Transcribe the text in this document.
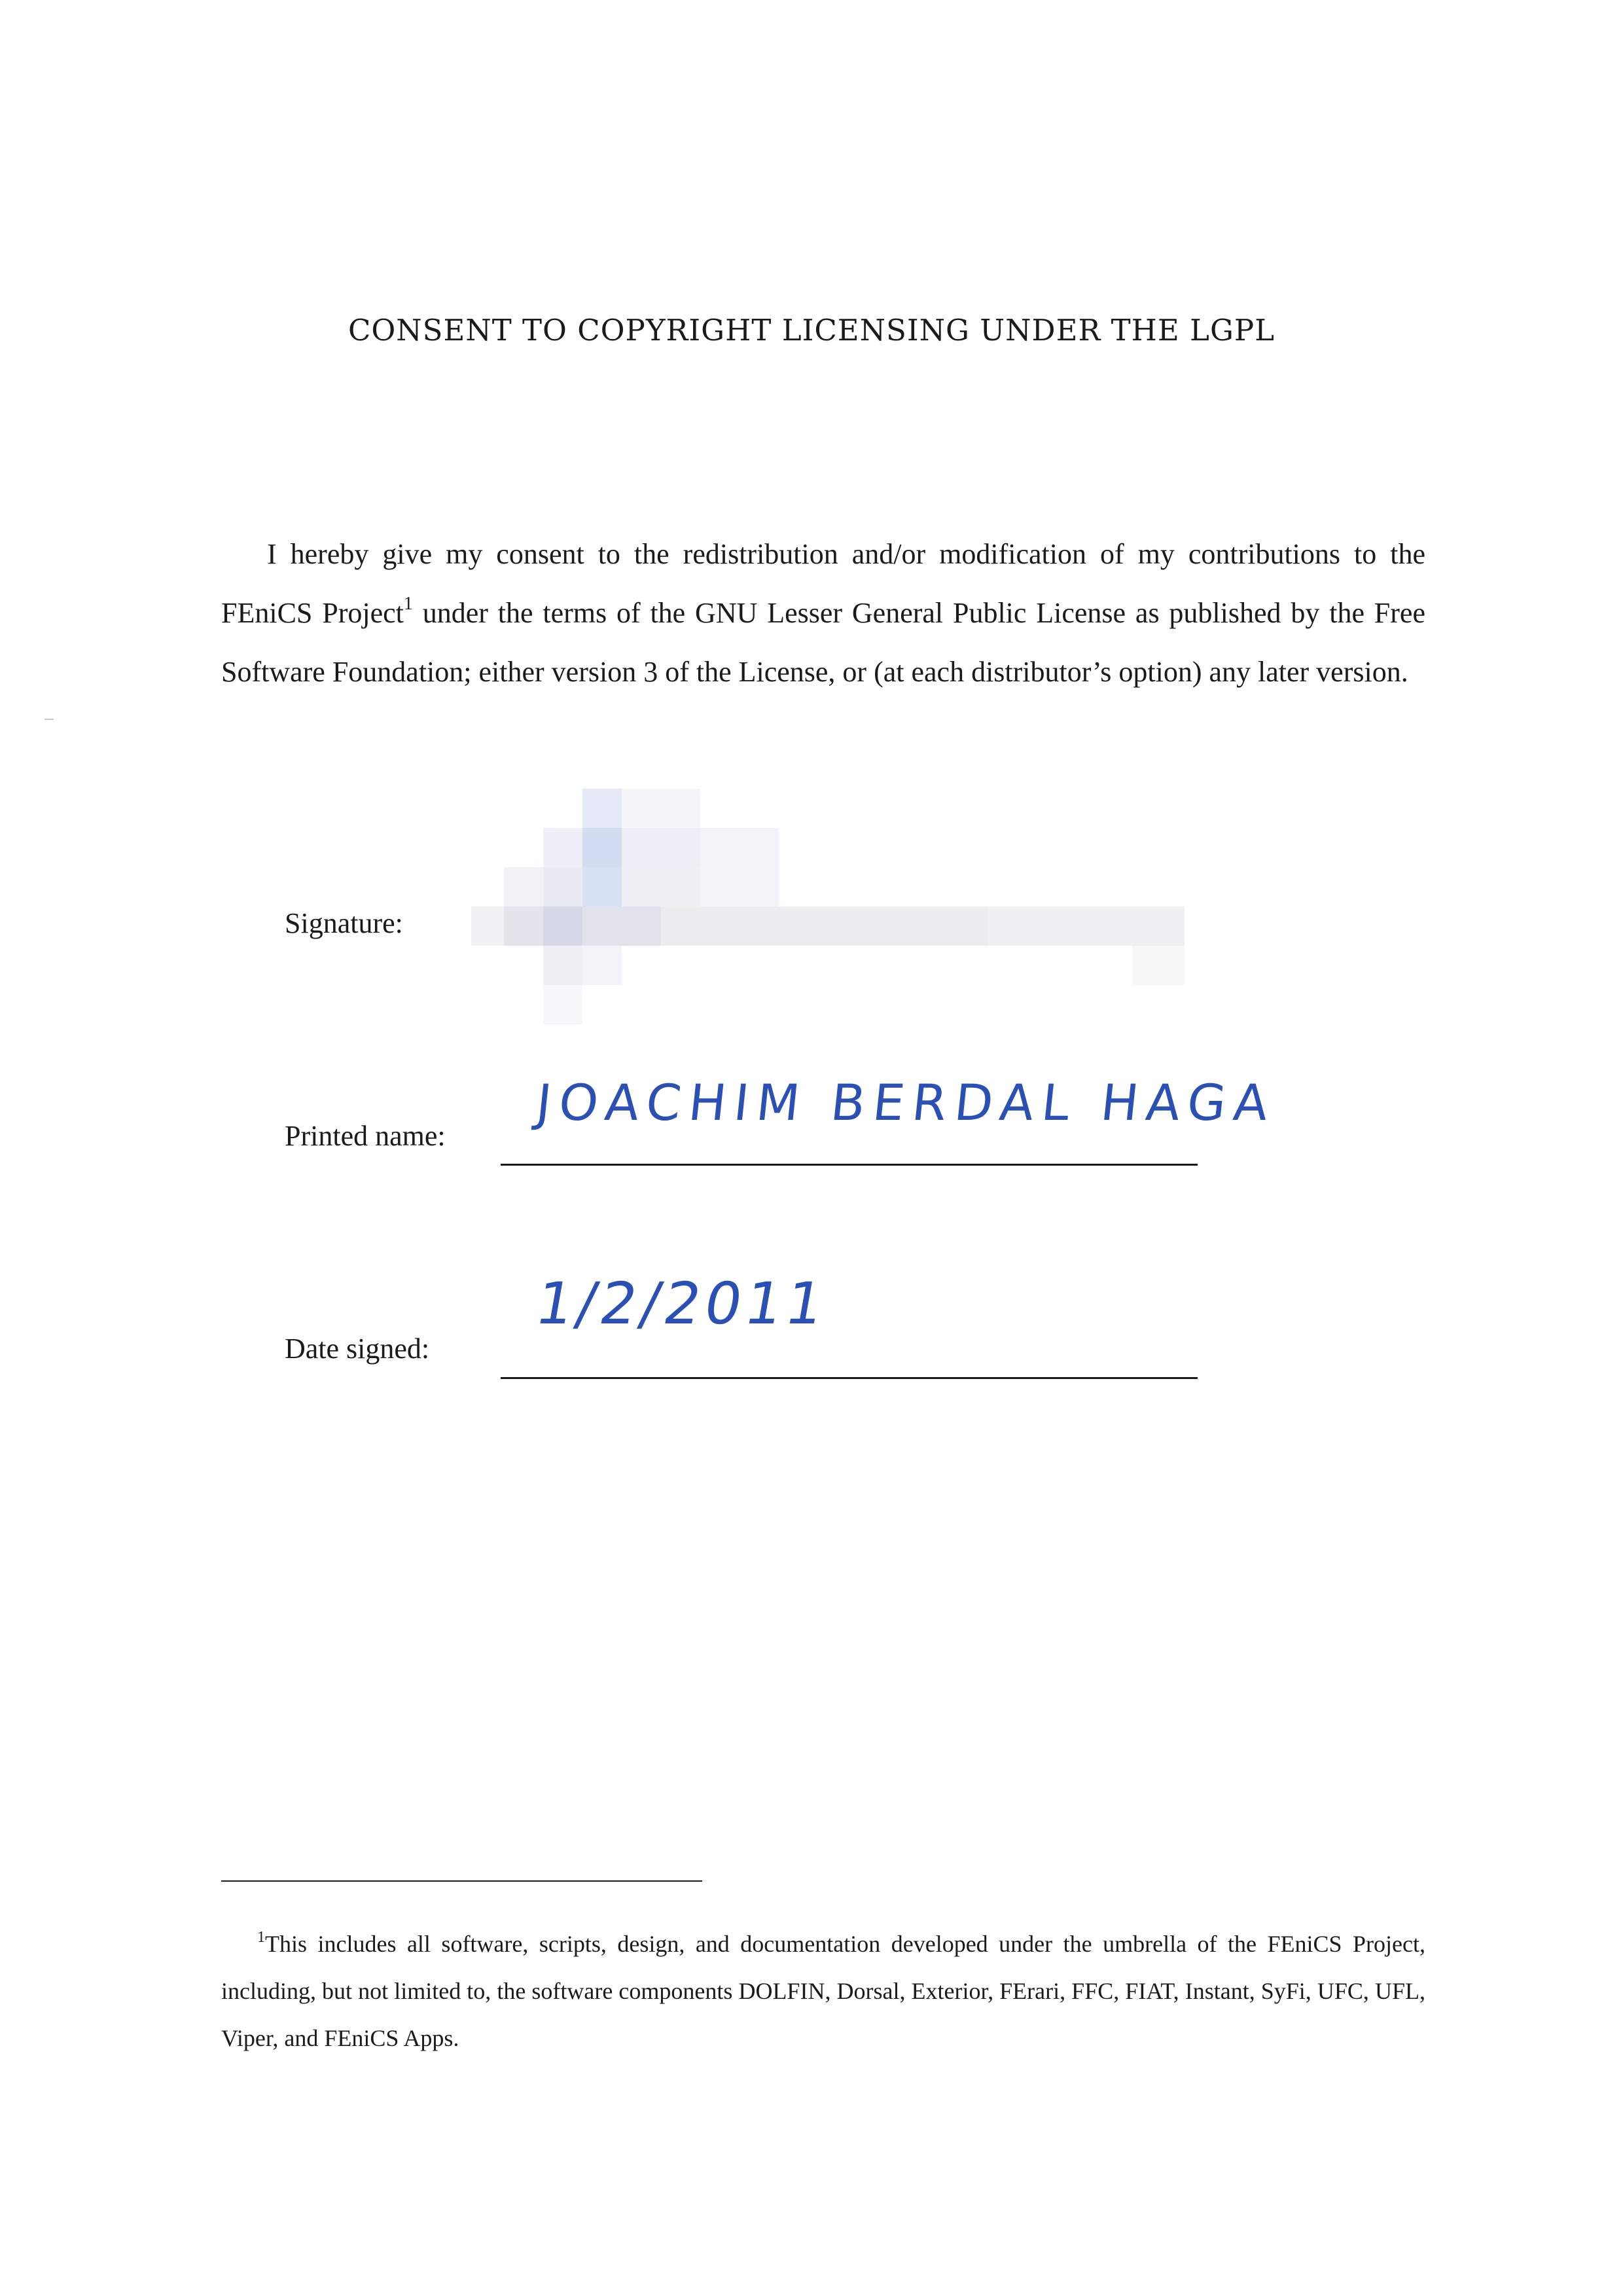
CONSENT TO COPYRIGHT LICENSING UNDER THE LGPL

I hereby give my consent to the redistribution and/or modification of my contributions to the FEniCS Project$^1$ under the terms of the GNU Lesser General Public License as published by the Free Software Foundation; either version 3 of the License, or (at each distributor’s option) any later version.

Signature:
Printed name:
JOACHIM BERDAL HAGA
Date signed:
1/2/2011

$^1$This includes all software, scripts, design, and documentation developed under the umbrella of the FEniCS Project, including, but not limited to, the software components DOLFIN, Dorsal, Exterior, FErari, FFC, FIAT, Instant, SyFi, UFC, UFL, Viper, and FEniCS Apps.
